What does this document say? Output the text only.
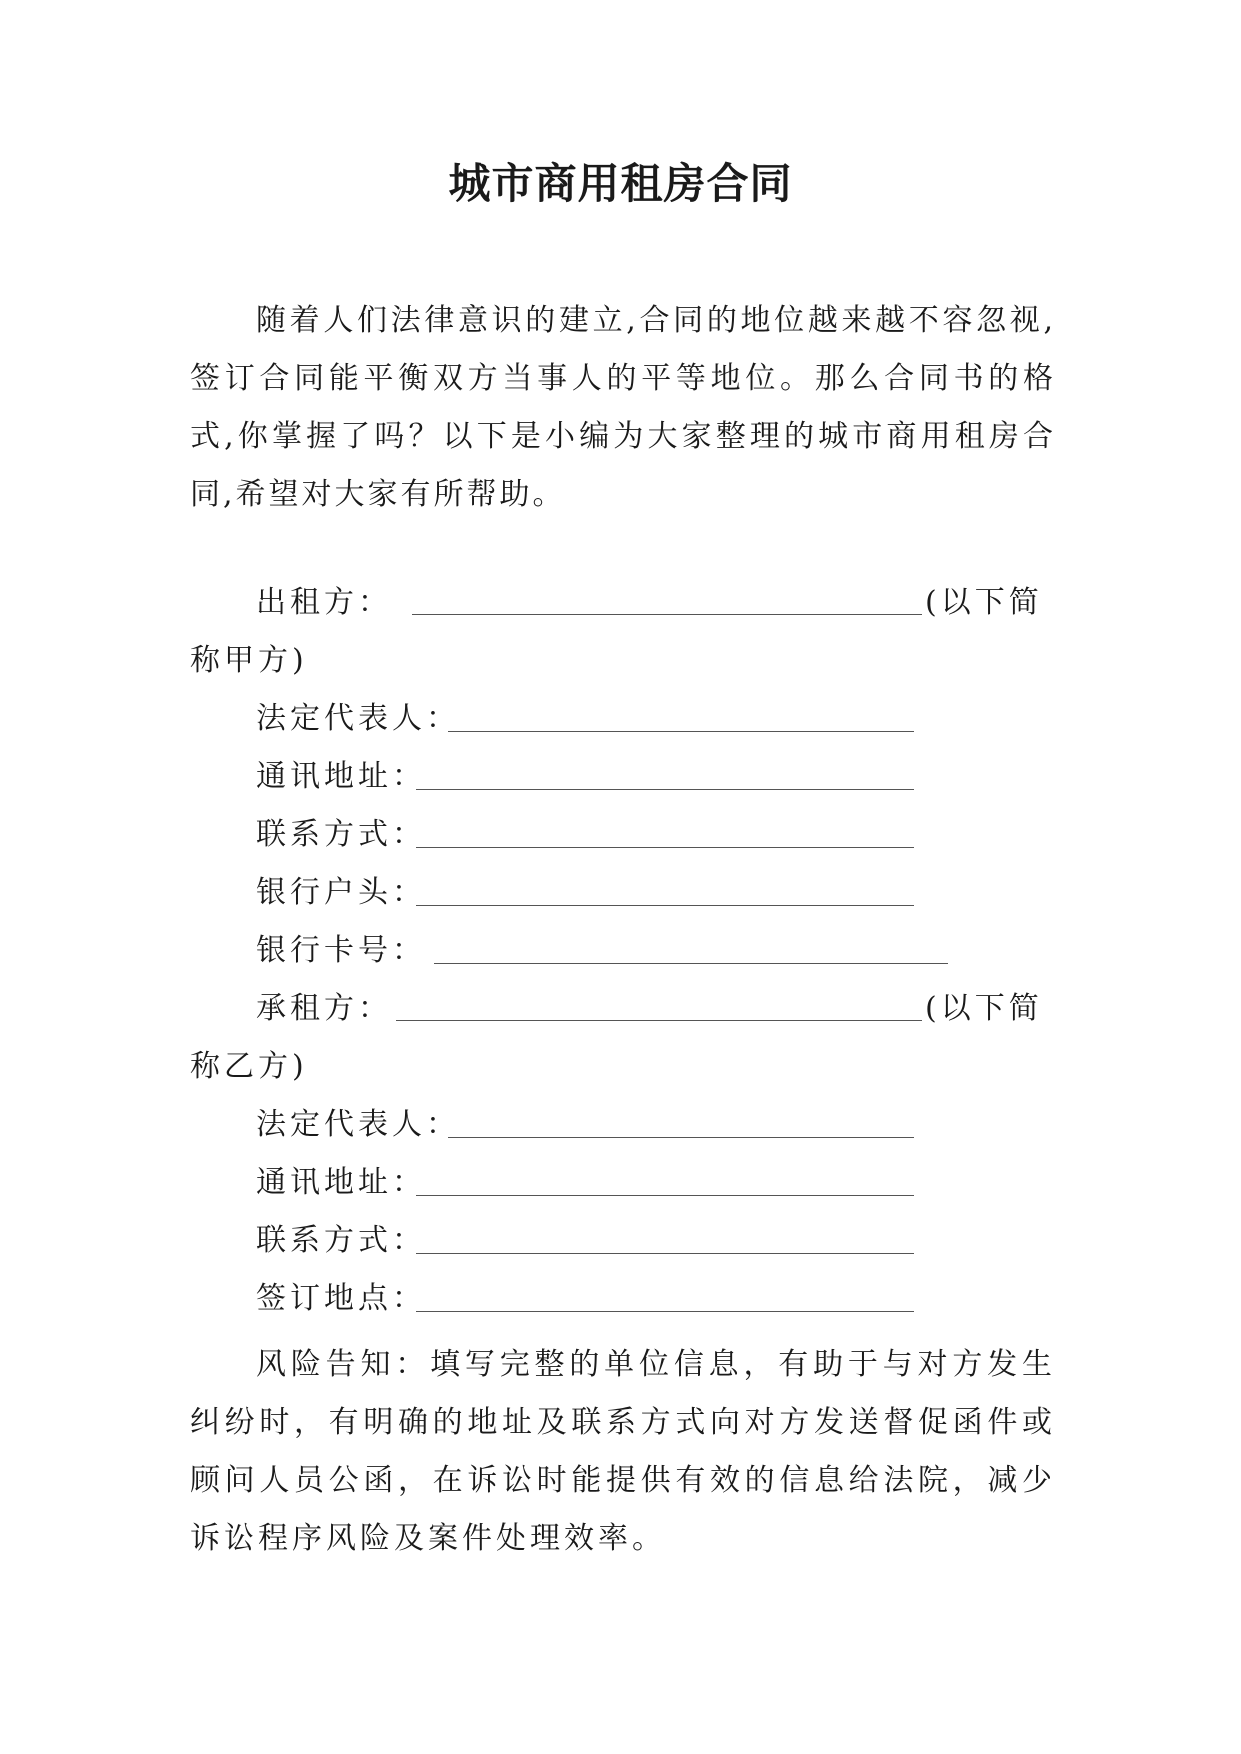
城市商用租房合同

随着人们法律意识的建立,合同的地位越来越不容忽视,签订合同能平衡双方当事人的平等地位。那么合同书的格式,你掌握了吗？以下是小编为大家整理的城市商用租房合同,希望对大家有所帮助。

出租方：	(以下简
称甲方)
法定代表人：
通讯地址：
联系方式：
银行户头：
银行卡号：
承租方：	(以下简
称乙方)
法定代表人：
通讯地址：
联系方式：
签订地点：

风险告知：填写完整的单位信息，有助于与对方发生纠纷时，有明确的地址及联系方式向对方发送督促函件或顾问人员公函，在诉讼时能提供有效的信息给法院，减少诉讼程序风险及案件处理效率。
